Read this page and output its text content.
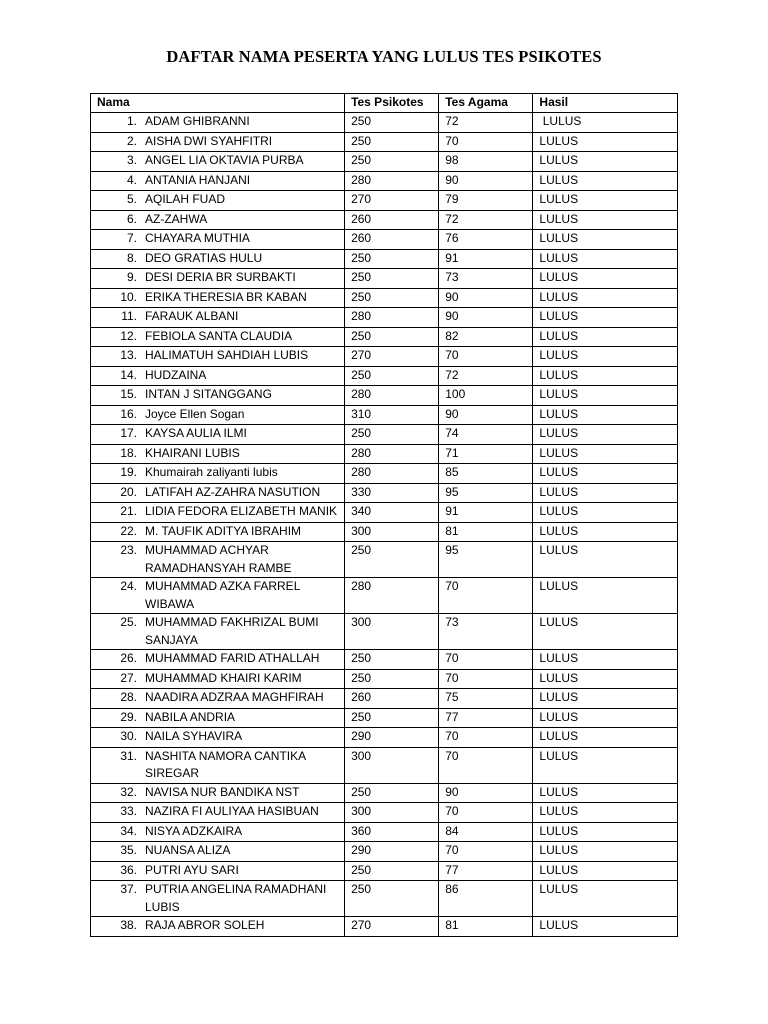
DAFTAR NAMA PESERTA YANG LULUS TES PSIKOTES
Nama	Tes Psikotes	Tes Agama	Hasil

1. ADAM GHIBRANNI	250	72	LULUS

2. AISHA DWI SYAHFITRI	250	70	LULUS

3. ANGEL LIA OKTAVIA PURBA	250	98	LULUS

4. ANTANIA HANJANI	280	90	LULUS

5. AQILAH FUAD	270	79	LULUS

6. AZ-ZAHWA	260	72	LULUS

7. CHAYARA MUTHIA	260	76	LULUS

8. DEO GRATIAS HULU	250	91	LULUS

9. DESI DERIA BR SURBAKTI	250	73	LULUS

10. ERIKA THERESIA BR KABAN	250	90	LULUS

11. FARAUK ALBANI	280	90	LULUS

12. FEBIOLA SANTA CLAUDIA	250	82	LULUS

13. HALIMATUH SAHDIAH LUBIS	270	70	LULUS

14. HUDZAINA	250	72	LULUS

15. INTAN J SITANGGANG	280	100	LULUS

16. Joyce Ellen Sogan	310	90	LULUS

17. KAYSA AULIA ILMI	250	74	LULUS

18. KHAIRANI LUBIS	280	71	LULUS

19. Khumairah zaliyanti lubis	280	85	LULUS

20. LATIFAH AZ-ZAHRA NASUTION	330	95	LULUS

21. LIDIA FEDORA ELIZABETH MANIK	340	91	LULUS

22. M. TAUFIK ADITYA IBRAHIM	300	81	LULUS

23. MUHAMMAD ACHYAR RAMADHANSYAH RAMBE	250	95	LULUS

24. MUHAMMAD AZKA FARREL WIBAWA	280	70	LULUS

25. MUHAMMAD FAKHRIZAL BUMI SANJAYA	300	73	LULUS

26. MUHAMMAD FARID ATHALLAH	250	70	LULUS

27. MUHAMMAD KHAIRI KARIM	250	70	LULUS

28. NAADIRA ADZRAA MAGHFIRAH	260	75	LULUS

29. NABILA ANDRIA	250	77	LULUS

30. NAILA SYHAVIRA	290	70	LULUS

31. NASHITA NAMORA CANTIKA SIREGAR	300	70	LULUS

32. NAVISA NUR BANDIKA NST	250	90	LULUS

33. NAZIRA FI AULIYAA HASIBUAN	300	70	LULUS

34. NISYA ADZKAIRA	360	84	LULUS

35. NUANSA ALIZA	290	70	LULUS

36. PUTRI AYU SARI	250	77	LULUS

37. PUTRIA ANGELINA RAMADHANI LUBIS	250	86	LULUS

38. RAJA ABROR SOLEH	270	81	LULUS
